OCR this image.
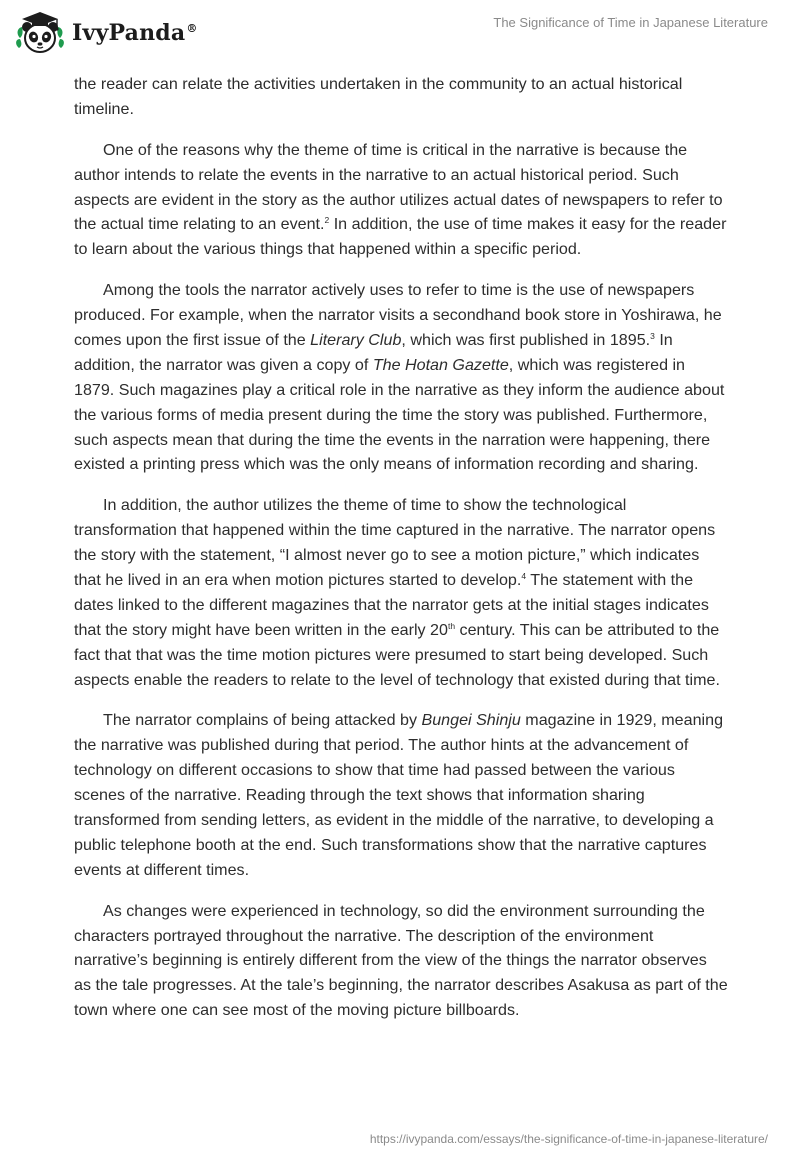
IvyPanda®	The Significance of Time in Japanese Literature

the reader can relate the activities undertaken in the community to an actual historical timeline.

One of the reasons why the theme of time is critical in the narrative is because the author intends to relate the events in the narrative to an actual historical period. Such aspects are evident in the story as the author utilizes actual dates of newspapers to refer to the actual time relating to an event.$^2$ In addition, the use of time makes it easy for the reader to learn about the various things that happened within a specific period.

Among the tools the narrator actively uses to refer to time is the use of newspapers produced. For example, when the narrator visits a secondhand book store in Yoshirawa, he comes upon the first issue of the Literary Club, which was first published in 1895.$^3$ In addition, the narrator was given a copy of The Hotan Gazette, which was registered in 1879. Such magazines play a critical role in the narrative as they inform the audience about the various forms of media present during the time the story was published. Furthermore, such aspects mean that during the time the events in the narration were happening, there existed a printing press which was the only means of information recording and sharing.

In addition, the author utilizes the theme of time to show the technological transformation that happened within the time captured in the narrative. The narrator opens the story with the statement, “I almost never go to see a motion picture,” which indicates that he lived in an era when motion pictures started to develop.$^4$ The statement with the dates linked to the different magazines that the narrator gets at the initial stages indicates that the story might have been written in the early 20th century. This can be attributed to the fact that that was the time motion pictures were presumed to start being developed. Such aspects enable the readers to relate to the level of technology that existed during that time.

The narrator complains of being attacked by Bungei Shinju magazine in 1929, meaning the narrative was published during that period. The author hints at the advancement of technology on different occasions to show that time had passed between the various scenes of the narrative. Reading through the text shows that information sharing transformed from sending letters, as evident in the middle of the narrative, to developing a public telephone booth at the end. Such transformations show that the narrative captures events at different times.

As changes were experienced in technology, so did the environment surrounding the characters portrayed throughout the narrative. The description of the environment narrative’s beginning is entirely different from the view of the things the narrator observes as the tale progresses. At the tale’s beginning, the narrator describes Asakusa as part of the town where one can see most of the moving picture billboards.

https://ivypanda.com/essays/the-significance-of-time-in-japanese-literature/
